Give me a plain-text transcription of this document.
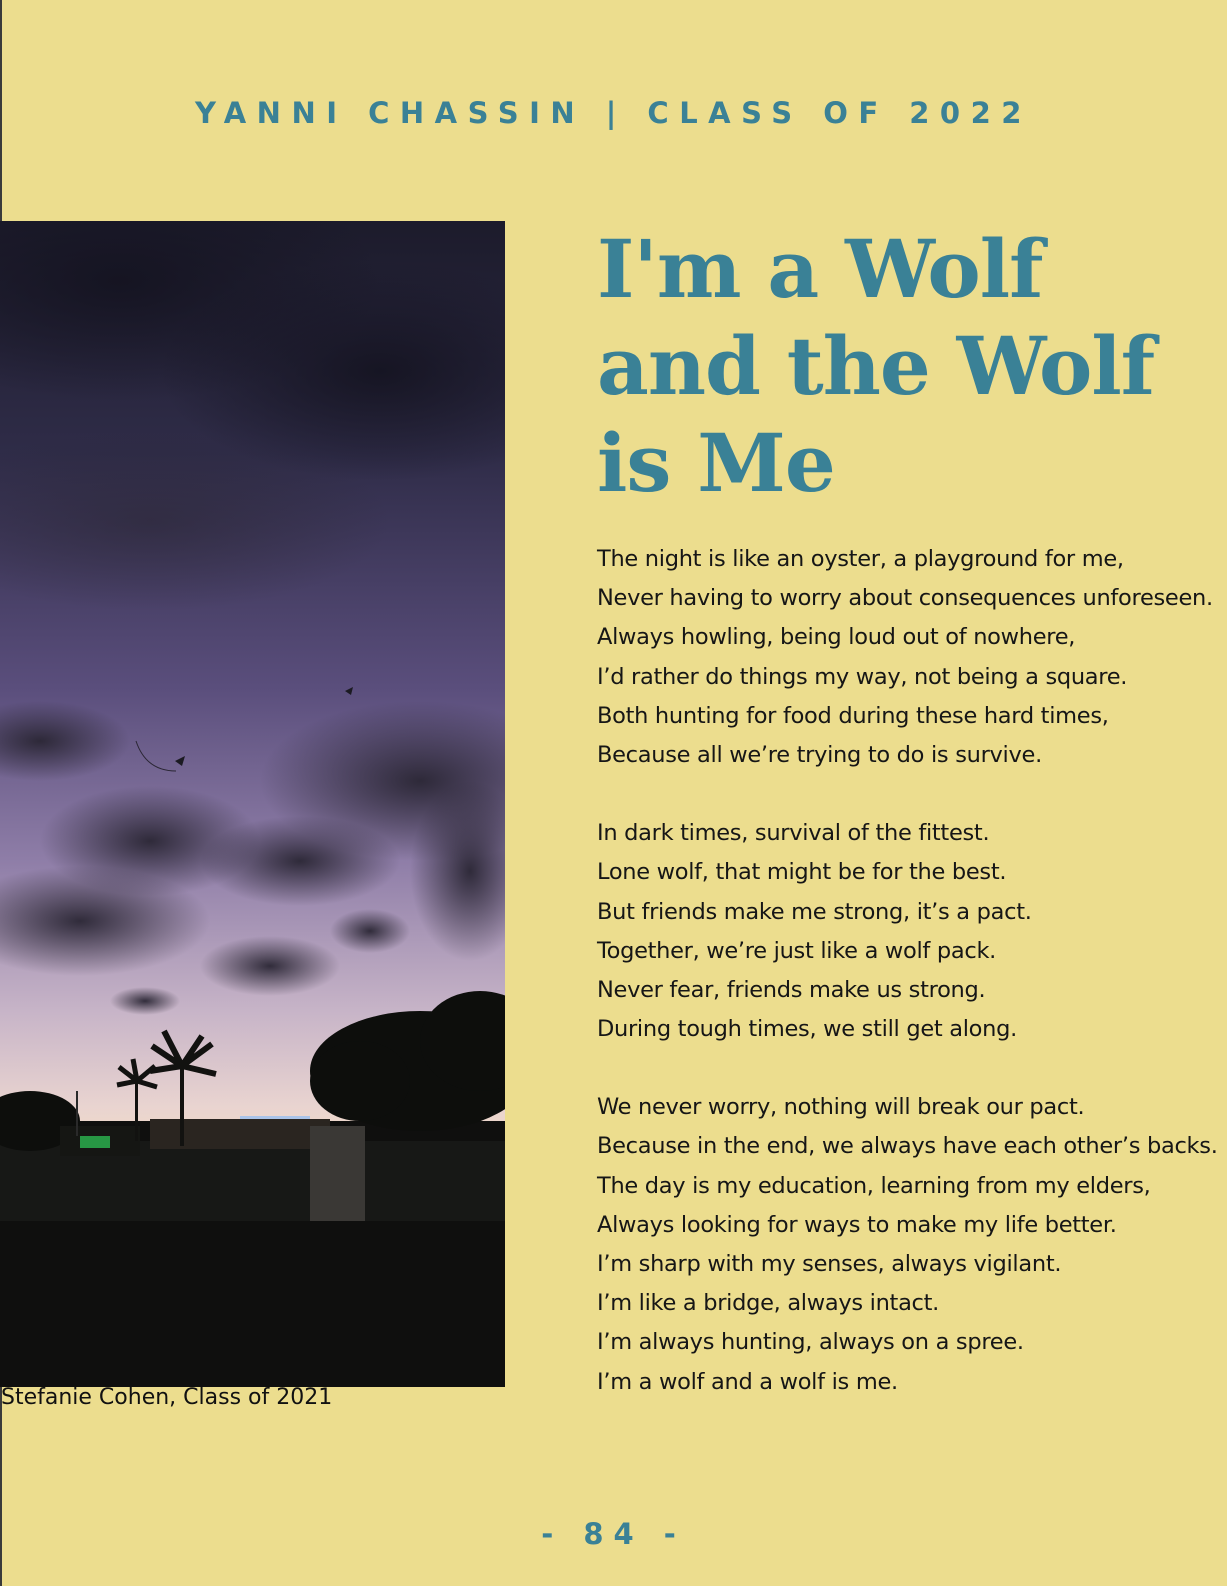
YANNI CHASSIN | CLASS OF 2022
Stefanie Cohen, Class of 2021
I'm a Wolf
and the Wolf
is Me
The night is like an oyster, a playground for me,
Never having to worry about consequences unforeseen.
Always howling, being loud out of nowhere,
I’d rather do things my way, not being a square.
Both hunting for food during these hard times,
Because all we’re trying to do is survive.
In dark times, survival of the fittest.
Lone wolf, that might be for the best.
But friends make me strong, it’s a pact.
Together, we’re just like a wolf pack.
Never fear, friends make us strong.
During tough times, we still get along.
We never worry, nothing will break our pact.
Because in the end, we always have each other’s backs.
The day is my education, learning from my elders,
Always looking for ways to make my life better.
I’m sharp with my senses, always vigilant.
I’m like a bridge, always intact.
I’m always hunting, always on a spree.
I’m a wolf and a wolf is me.
- 84 -
